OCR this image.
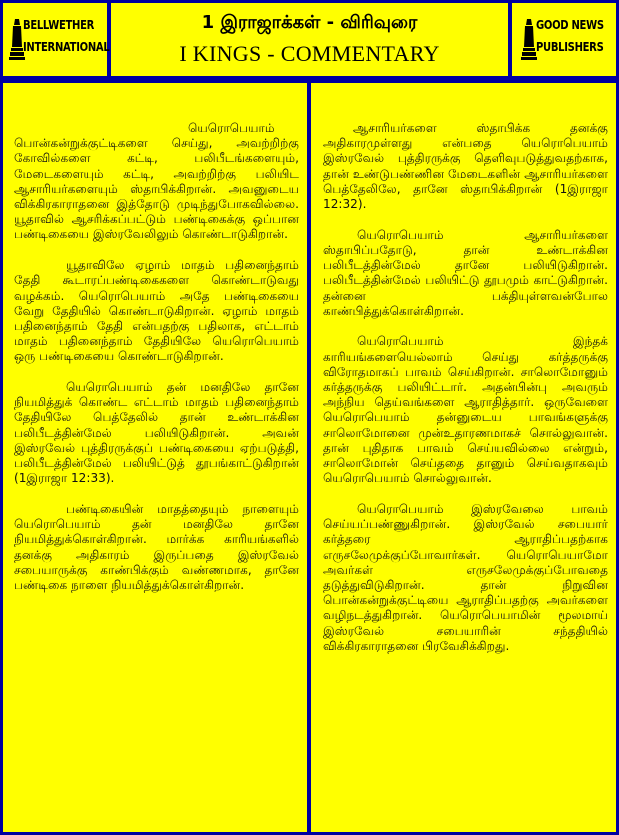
BELLWETHER
INTERNATIONAL
1 இராஜாக்கள் - விரிவுரை
I KINGS - COMMENTARY
GOOD NEWS
PUBLISHERS

யெரொபெயாம் பொன்கன்றுக்குட்டிகளை செய்து, அவற்றிற்கு கோவில்களை கட்டி, பலிபீடங்களையும், மேடைகளையும் கட்டி, அவற்றிற்கு பலியிட ஆசாரியர்களையும் ஸ்தாபிக்கிறான். அவனுடைய விக்கிரகாராதனை இத்தோடு முடிந்துபோகவில்லை. யூதாவில் ஆசரிக்கப்பட்டும் பண்டிகைக்கு ஒப்பான பண்டிகையை இஸ்ரவேலிலும் கொண்டாடுகிறான்.

யூதாவிலே ஏழாம் மாதம் பதினைந்தாம் தேதி கூடாரப்பண்டிகைகளை கொண்டாடுவது வழக்கம். யெரொபெயாம் அதே பண்டிகையை வேறு தேதியில் கொண்டாடுகிறான். ஏழாம் மாதம் பதினைந்தாம் தேதி என்பதற்கு பதிலாக, எட்டாம் மாதம் பதினைந்தாம் தேதியிலே யெரொபெயாம் ஒரு பண்டிகையை கொண்டாடுகிறான்.

யெரொபெயாம் தன் மனதிலே தானே நியமித்துக் கொண்ட எட்டாம் மாதம் பதினைந்தாம் தேதியிலே பெத்தேலில் தான் உண்டாக்கின பலிபீடத்தின்மேல் பலியிடுகிறான். அவன் இஸ்ரவேல் புத்திரருக்குப் பண்டிகையை ஏற்படுத்தி, பலிபீடத்தின்மேல் பலியிட்டுத் தூபங்காட்டுகிறான் (1இராஜா 12:33).

பண்டிகையின் மாதத்தையும் நாளையும் யெரொபெயாம் தன் மனதிலே தானே நியமித்துக்கொள்கிறான். மார்க்க காரியங்களில் தனக்கு அதிகாரம் இருப்பதை இஸ்ரவேல் சபையாருக்கு காண்பிக்கும் வண்ணமாக, தானே பண்டிகை நாளை நியமித்துக்கொள்கிறான்.

ஆசாரியர்களை ஸ்தாபிக்க தனக்கு அதிகாரமுள்ளது என்பதை யெரொபெயாம் இஸ்ரவேல் புத்திரருக்கு தெளிவுபடுத்துவதற்காக, தான் உண்டுபண்ணின மேடைகளின் ஆசாரியர்களை பெத்தேலிலே, தானே ஸ்தாபிக்கிறான் (1இராஜா 12:32).

யெரொபெயாம் ஆசாரியர்களை ஸ்தாபிப்பதோடு, தான் உண்டாக்கின பலிபீடத்தின்மேல் தானே பலியிடுகிறான். பலிபீடத்தின்மேல் பலியிட்டு தூபமும் காட்டுகிறான். தன்னை பக்தியுள்ளவன்போல காண்பித்துக்கொள்கிறான்.

யெரொபெயாம் இந்தக் காரியங்களையெல்லாம் செய்து கர்த்தருக்கு விரோதமாகப் பாவம் செய்கிறான். சாலொமோனும் கர்த்தருக்கு பலியிட்டார். அதன்பின்பு அவரும் அந்நிய தெய்வங்களை ஆராதித்தார். ஒருவேளை யெரொபெயாம் தன்னுடைய பாவங்களுக்கு சாலொமோனை முன்உதாரணமாகச் சொல்லுவான். தான் புதிதாக பாவம் செய்யவில்லை என்றும், சாலொமோன் செய்ததை தானும் செய்வதாகவும் யெரொபெயாம் சொல்லுவான்.

யெரொபெயாம் இஸ்ரவேலை பாவம் செய்யப்பண்ணுகிறான். இஸ்ரவேல் சபையார் கர்த்தரை ஆராதிப்பதற்காக எருசலேமுக்குப்போவார்கள். யெரொபெயாமோ அவர்கள் எருசலேமுக்குப்போவதை தடுத்துவிடுகிறான். தான் நிறுவின பொன்கன்றுக்குட்டியை ஆராதிப்பதற்கு அவர்களை வழிநடத்துகிறான். யெரொபெயாமின் மூலமாய் இஸ்ரவேல் சபையாரின் சந்ததியில் விக்கிரகாராதனை பிரவேசிக்கிறது.
